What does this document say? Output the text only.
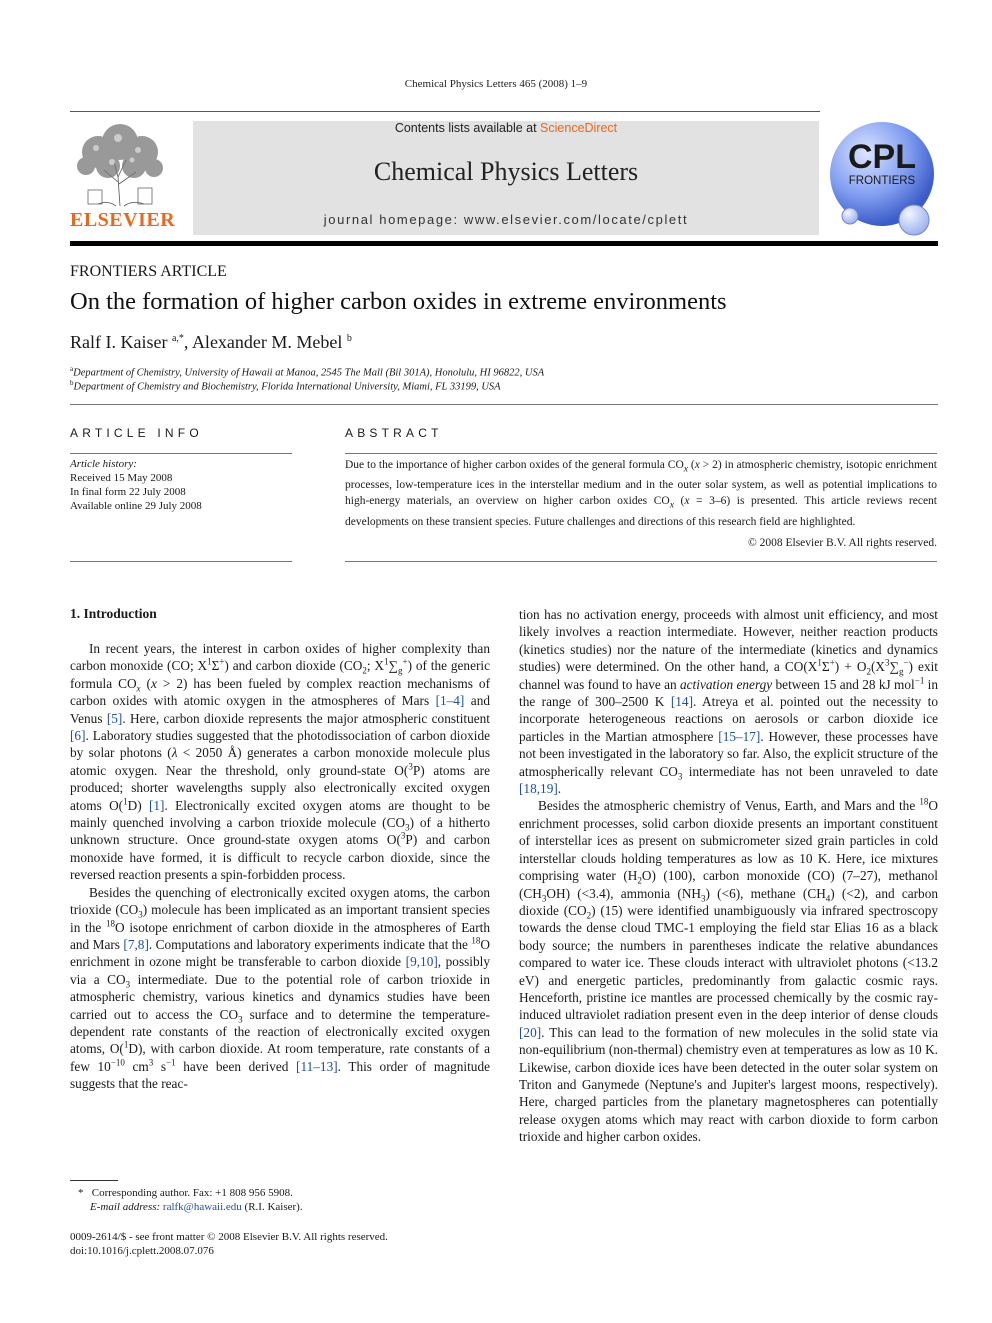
Chemical Physics Letters 465 (2008) 1–9
ELSEVIER
Contents lists available at ScienceDirect
Chemical Physics Letters
journal homepage: www.elsevier.com/locate/cplett
CPL
FRONTIERS
FRONTIERS ARTICLE
On the formation of higher carbon oxides in extreme environments
Ralf I. Kaiser $^{a,*}$, Alexander M. Mebel $^b$
$^a$Department of Chemistry, University of Hawaii at Manoa, 2545 The Mall (Bil 301A), Honolulu, HI 96822, USA
$^b$Department of Chemistry and Biochemistry, Florida International University, Miami, FL 33199, USA
ARTICLE INFO
Article history:
Received 15 May 2008
In final form 22 July 2008
Available online 29 July 2008
ABSTRACT
Due to the importance of higher carbon oxides of the general formula $CO_x$ (x > 2) in atmospheric chemistry, isotopic enrichment processes, low-temperature ices in the interstellar medium and in the outer solar system, as well as potential implications to high-energy materials, an overview on higher carbon oxides $CO_x$ (x = 3–6) is presented. This article reviews recent developments on these transient species. Future challenges and directions of this research field are highlighted.
© 2008 Elsevier B.V. All rights reserved.
1. Introduction

In recent years, the interest in carbon oxides of higher complexity than carbon monoxide (CO; $X^1\Sigma^+$) and carbon dioxide ($CO_2$; $X^1\sum_g^+$) of the generic formula $CO_x$ (x > 2) has been fueled by complex reaction mechanisms of carbon oxides with atomic oxygen in the atmospheres of Mars [1–4] and Venus [5]. Here, carbon dioxide represents the major atmospheric constituent [6]. Laboratory studies suggested that the photodissociation of carbon dioxide by solar photons (λ < 2050 Å) generates a carbon monoxide molecule plus atomic oxygen. Near the threshold, only ground-state O($^3$P) atoms are produced; shorter wavelengths supply also electronically excited oxygen atoms O($^1$D) [1]. Electronically excited oxygen atoms are thought to be mainly quenched involving a carbon trioxide molecule $(CO_3)$ of a hitherto unknown structure. Once ground-state oxygen atoms O($^3$P) and carbon monoxide have formed, it is difficult to recycle carbon dioxide, since the reversed reaction presents a spin-forbidden process.

Besides the quenching of electronically excited oxygen atoms, the carbon trioxide $(CO_3)$ molecule has been implicated as an important transient species in the $^{18}$O isotope enrichment of carbon dioxide in the atmospheres of Earth and Mars [7,8]. Computations and laboratory experiments indicate that the $^{18}$O enrichment in ozone might be transferable to carbon dioxide [9,10], possibly via a $CO_3$ intermediate. Due to the potential role of carbon trioxide in atmospheric chemistry, various kinetics and dynamics studies have been carried out to access the $CO_3$ surface and to determine the temperature-dependent rate constants of the reaction of electronically excited oxygen atoms, O($^1$D), with carbon dioxide. At room temperature, rate constants of a few $10^{-10}$ $cm^3$ $s^{-1}$ have been derived [11–13]. This order of magnitude suggests that the reac-

tion has no activation energy, proceeds with almost unit efficiency, and most likely involves a reaction intermediate. However, neither reaction products (kinetics studies) nor the nature of the intermediate (kinetics and dynamics studies) were determined. On the other hand, a $CO(X^1\Sigma^+) + O_2(X^3\sum_g^-)$ exit channel was found to have an activation energy between 15 and 28 kJ mol$^{-1}$ in the range of 300–2500 K [14]. Atreya et al. pointed out the necessity to incorporate heterogeneous reactions on aerosols or carbon dioxide ice particles in the Martian atmosphere [15–17]. However, these processes have not been investigated in the laboratory so far. Also, the explicit structure of the atmospherically relevant $CO_3$ intermediate has not been unraveled to date [18,19].

Besides the atmospheric chemistry of Venus, Earth, and Mars and the $^{18}$O enrichment processes, solid carbon dioxide presents an important constituent of interstellar ices as present on submicrometer sized grain particles in cold interstellar clouds holding temperatures as low as 10 K. Here, ice mixtures comprising water $(H_2O)$ (100), carbon monoxide (CO) (7–27), methanol $(CH_3OH)$ (<3.4), ammonia $(NH_3)$ (<6), methane $(CH_4)$ (<2), and carbon dioxide $(CO_2)$ (15) were identified unambiguously via infrared spectroscopy towards the dense cloud TMC-1 employing the field star Elias 16 as a black body source; the numbers in parentheses indicate the relative abundances compared to water ice. These clouds interact with ultraviolet photons (<13.2 eV) and energetic particles, predominantly from galactic cosmic rays. Henceforth, pristine ice mantles are processed chemically by the cosmic ray-induced ultraviolet radiation present even in the deep interior of dense clouds [20]. This can lead to the formation of new molecules in the solid state via non-equilibrium (non-thermal) chemistry even at temperatures as low as 10 K. Likewise, carbon dioxide ices have been detected in the outer solar system on Triton and Ganymede (Neptune's and Jupiter's largest moons, respectively). Here, charged particles from the planetary magnetospheres can potentially release oxygen atoms which may react with carbon dioxide to form carbon trioxide and higher carbon oxides.

* Corresponding author. Fax: +1 808 956 5908.
E-mail address: ralfk@hawaii.edu (R.I. Kaiser).
0009-2614/$ - see front matter © 2008 Elsevier B.V. All rights reserved.
doi:10.1016/j.cplett.2008.07.076
